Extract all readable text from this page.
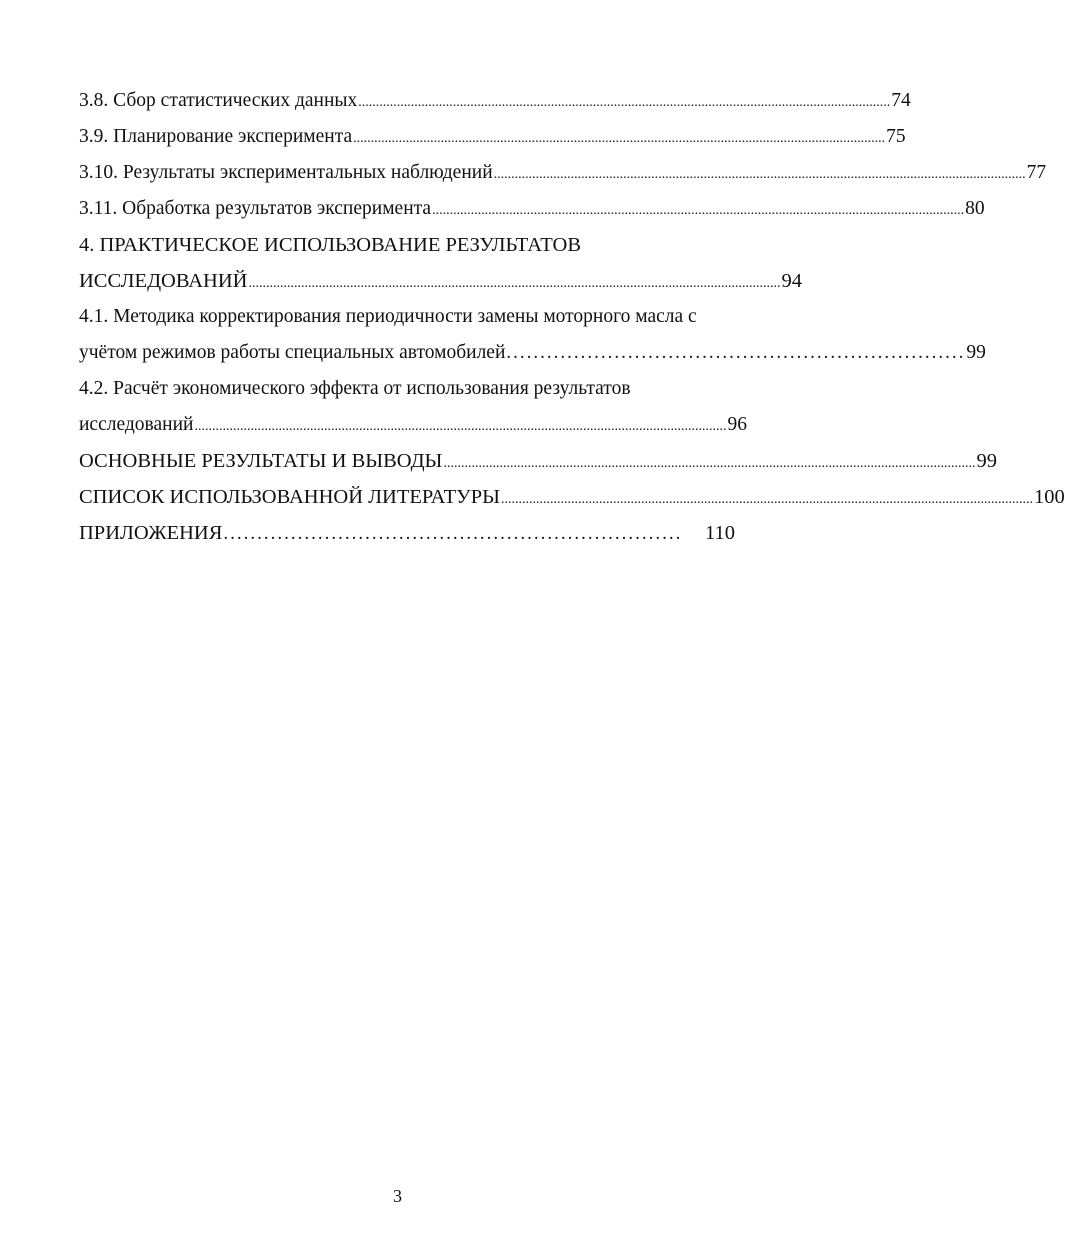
3.8. Сбор статистических данных ........................................................................................................................................................ 74
3.9. Планирование эксперимента ........................................................................................................................................................ 75
3.10. Результаты экспериментальных наблюдений ........................................................................................................................................................ 77
3.11. Обработка результатов эксперимента ........................................................................................................................................................ 80
4. ПРАКТИЧЕСКОЕ ИСПОЛЬЗОВАНИЕ РЕЗУЛЬТАТОВ
ИССЛЕДОВАНИЙ ........................................................................................................................................................ 94
4.1. Методика корректирования периодичности замены моторного масла с
учётом режимов работы специальных автомобилей .................................................................... 99
4.2. Расчёт экономического эффекта от использования результатов
исследований ........................................................................................................................................................ 96
ОСНОВНЫЕ РЕЗУЛЬТАТЫ И ВЫВОДЫ ........................................................................................................................................................ 99
СПИСОК ИСПОЛЬЗОВАННОЙ ЛИТЕРАТУРЫ ........................................................................................................................................................ 100
ПРИЛОЖЕНИЯ ....................................................................	110
3
